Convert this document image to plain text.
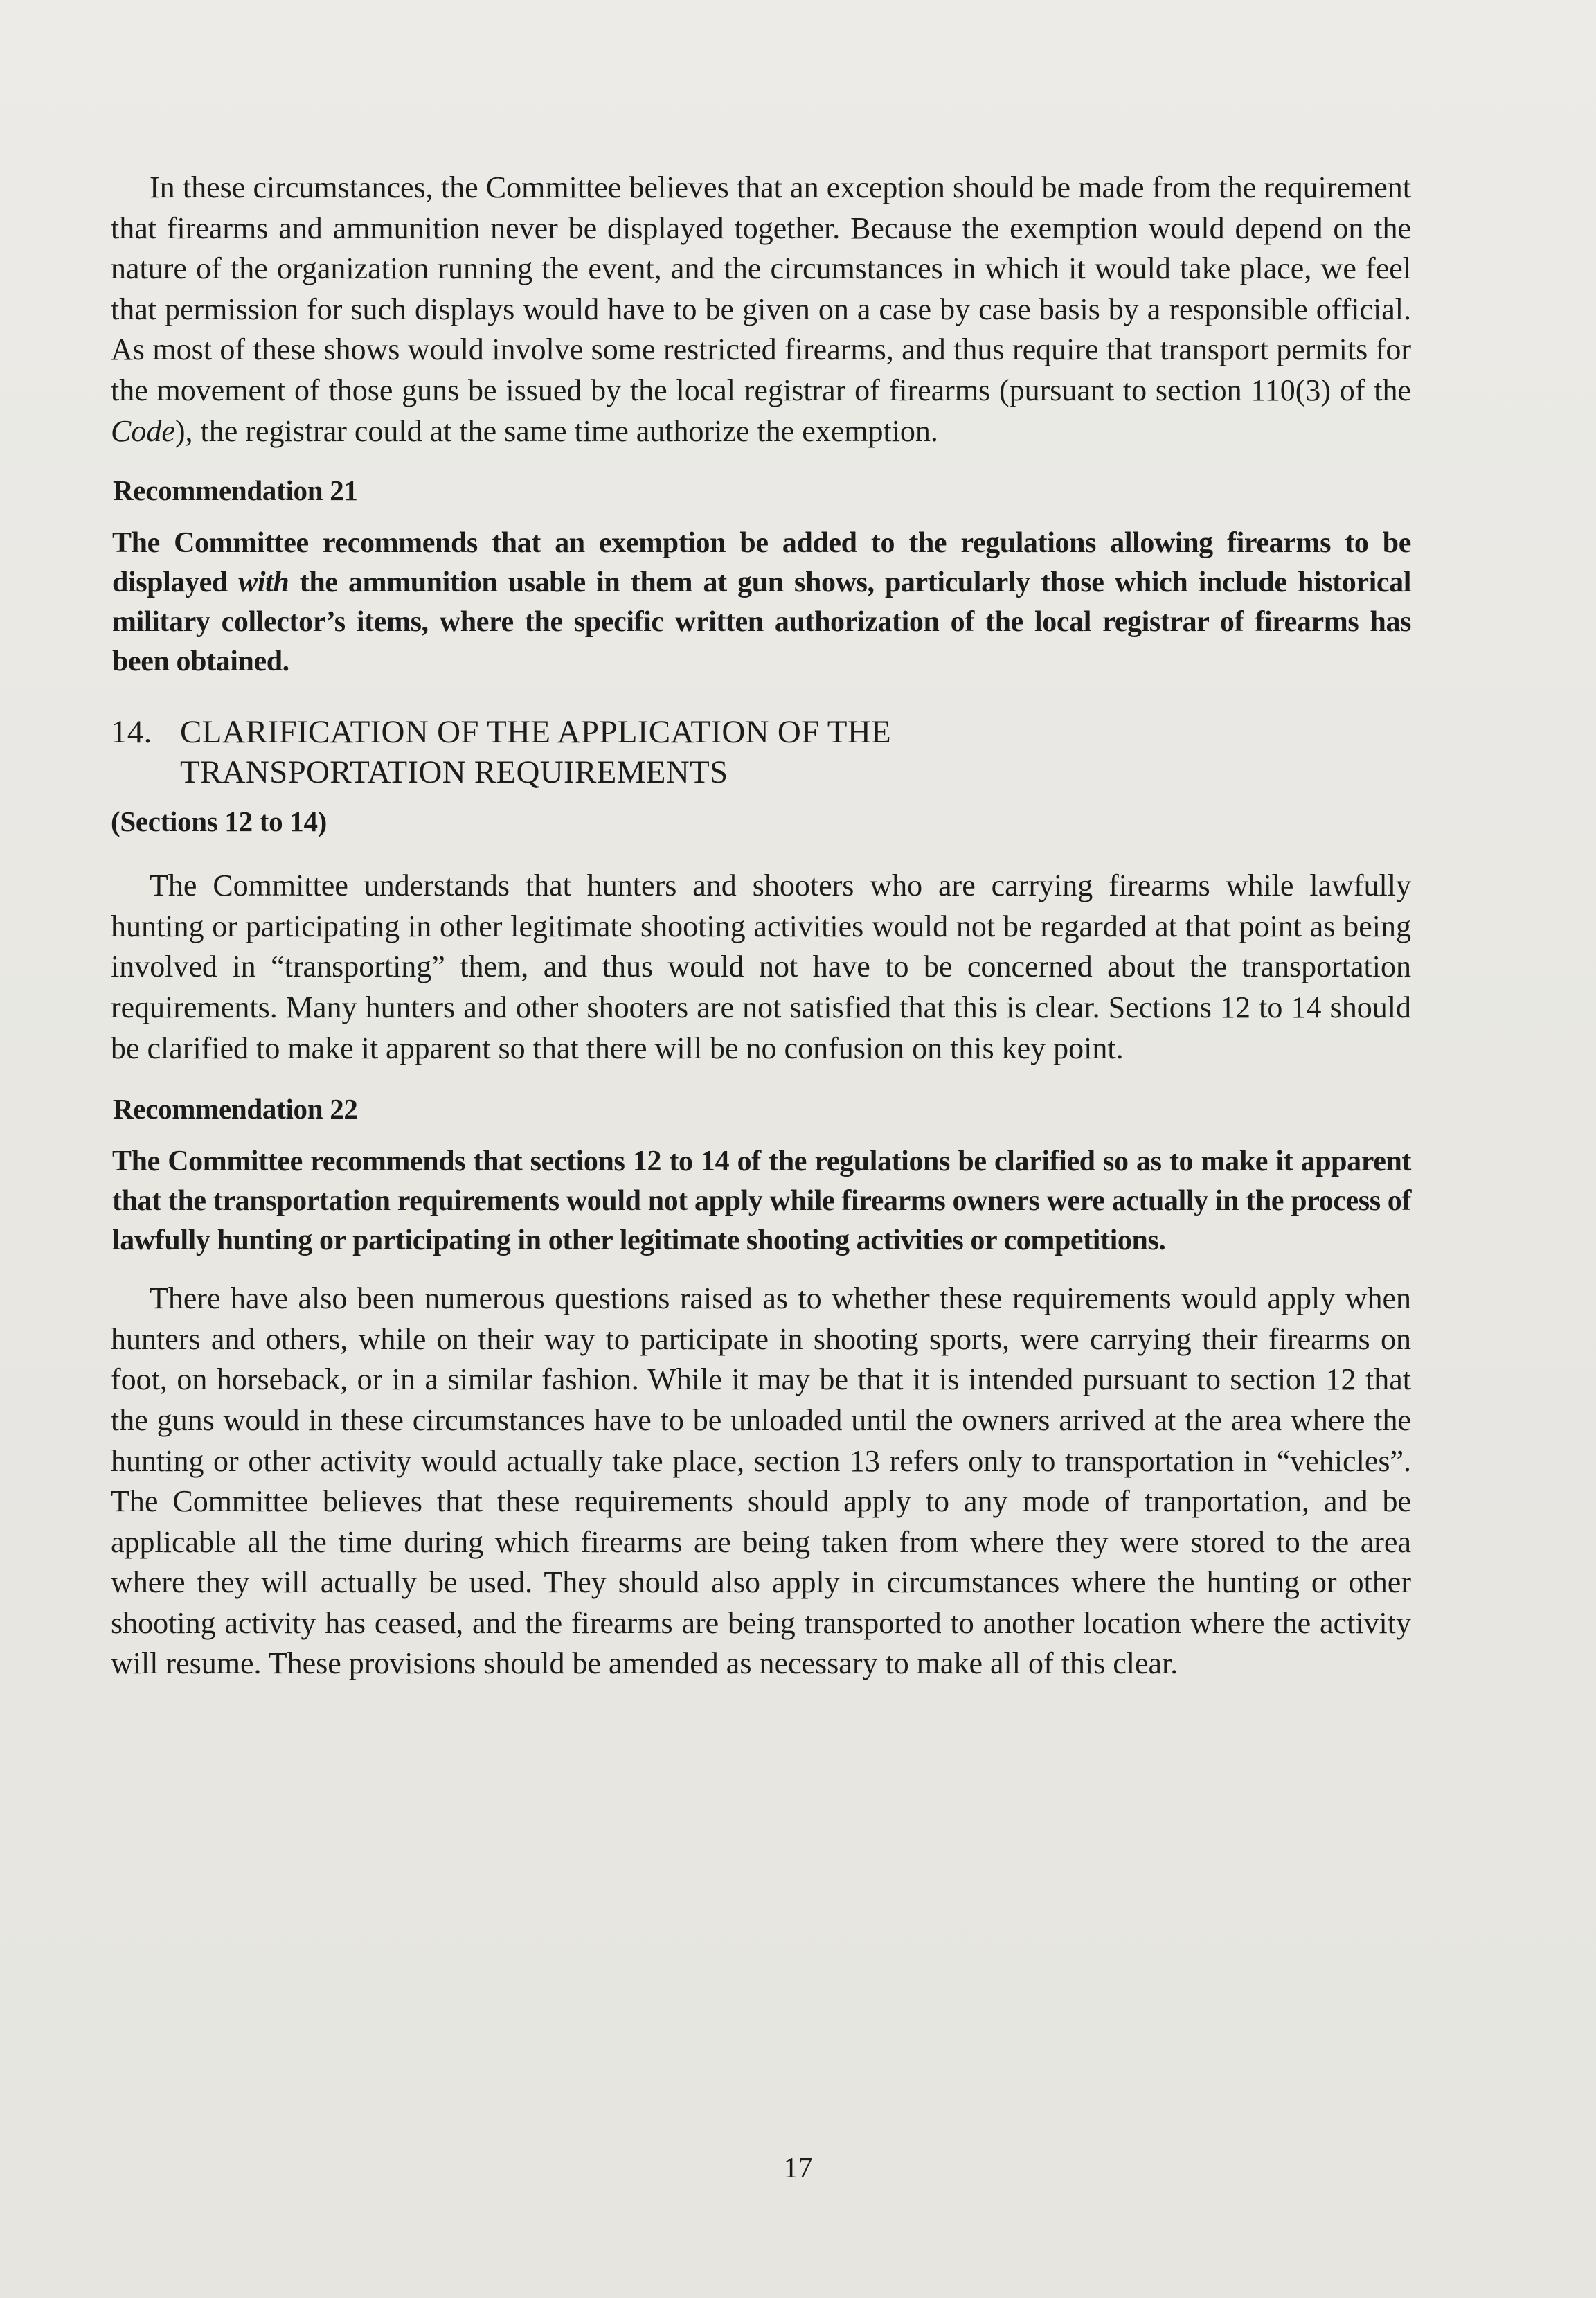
In these circumstances, the Committee believes that an exception should be made from the requirement that firearms and ammunition never be displayed together. Because the exemption would depend on the nature of the organization running the event, and the circumstances in which it would take place, we feel that permission for such displays would have to be given on a case by case basis by a responsible official. As most of these shows would involve some restricted firearms, and thus require that transport permits for the movement of those guns be issued by the local registrar of firearms (pursuant to section 110(3) of the Code), the registrar could at the same time authorize the exemption.

Recommendation 21

The Committee recommends that an exemption be added to the regulations allowing firearms to be displayed with the ammunition usable in them at gun shows, particularly those which include historical military collector’s items, where the specific written authorization of the local registrar of firearms has been obtained.

14. CLARIFICATION OF THE APPLICATION OF THE TRANSPORTATION REQUIREMENTS

(Sections 12 to 14)

The Committee understands that hunters and shooters who are carrying firearms while lawfully hunting or participating in other legitimate shooting activities would not be regarded at that point as being involved in “transporting” them, and thus would not have to be concerned about the transportation requirements. Many hunters and other shooters are not satisfied that this is clear. Sections 12 to 14 should be clarified to make it apparent so that there will be no confusion on this key point.

Recommendation 22

The Committee recommends that sections 12 to 14 of the regulations be clarified so as to make it apparent that the transportation requirements would not apply while firearms owners were actually in the process of lawfully hunting or participating in other legitimate shooting activities or competitions.

There have also been numerous questions raised as to whether these requirements would apply when hunters and others, while on their way to participate in shooting sports, were carrying their firearms on foot, on horseback, or in a similar fashion. While it may be that it is intended pursuant to section 12 that the guns would in these circumstances have to be unloaded until the owners arrived at the area where the hunting or other activity would actually take place, section 13 refers only to transportation in “vehicles”. The Committee believes that these requirements should apply to any mode of tranportation, and be applicable all the time during which firearms are being taken from where they were stored to the area where they will actually be used. They should also apply in circumstances where the hunting or other shooting activity has ceased, and the firearms are being transported to another location where the activity will resume. These provisions should be amended as necessary to make all of this clear.

17
